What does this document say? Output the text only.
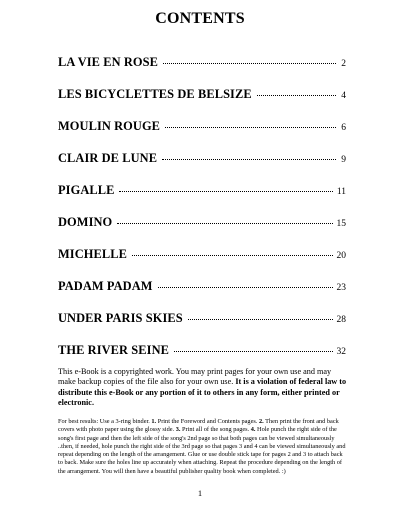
CONTENTS
LA VIE EN ROSE	2
LES BICYCLETTES DE BELSIZE	4
MOULIN ROUGE	6
CLAIR DE LUNE	9
PIGALLE	11
DOMINO	15
MICHELLE	20
PADAM PADAM	23
UNDER PARIS SKIES	28
THE RIVER SEINE	32
This e-Book is a copyrighted work. You may print pages for your own use and may make backup copies of the file also for your own use. It is a violation of federal law to distribute this e-Book or any portion of it to others in any form, either printed or electronic.
For best results: Use a 3-ring binder. 1. Print the Foreword and Contents pages. 2. Then print the front and back covers with photo paper using the glossy side. 3. Print all of the song pages. 4. Hole punch the right side of the song's first page and then the left side of the song's 2nd page so that both pages can be viewed simultaneously ..then, if needed, hole punch the right side of the 3rd page so that pages 3 and 4 can be viewed simultaneously and repeat depending on the length of the arrangement. Glue or use double stick tape for pages 2 and 3 to attach back to back. Make sure the holes line up accurately when attaching. Repeat the procedure depending on the length of the arrangement. You will then have a beautiful publisher quality book when completed. :)
1
